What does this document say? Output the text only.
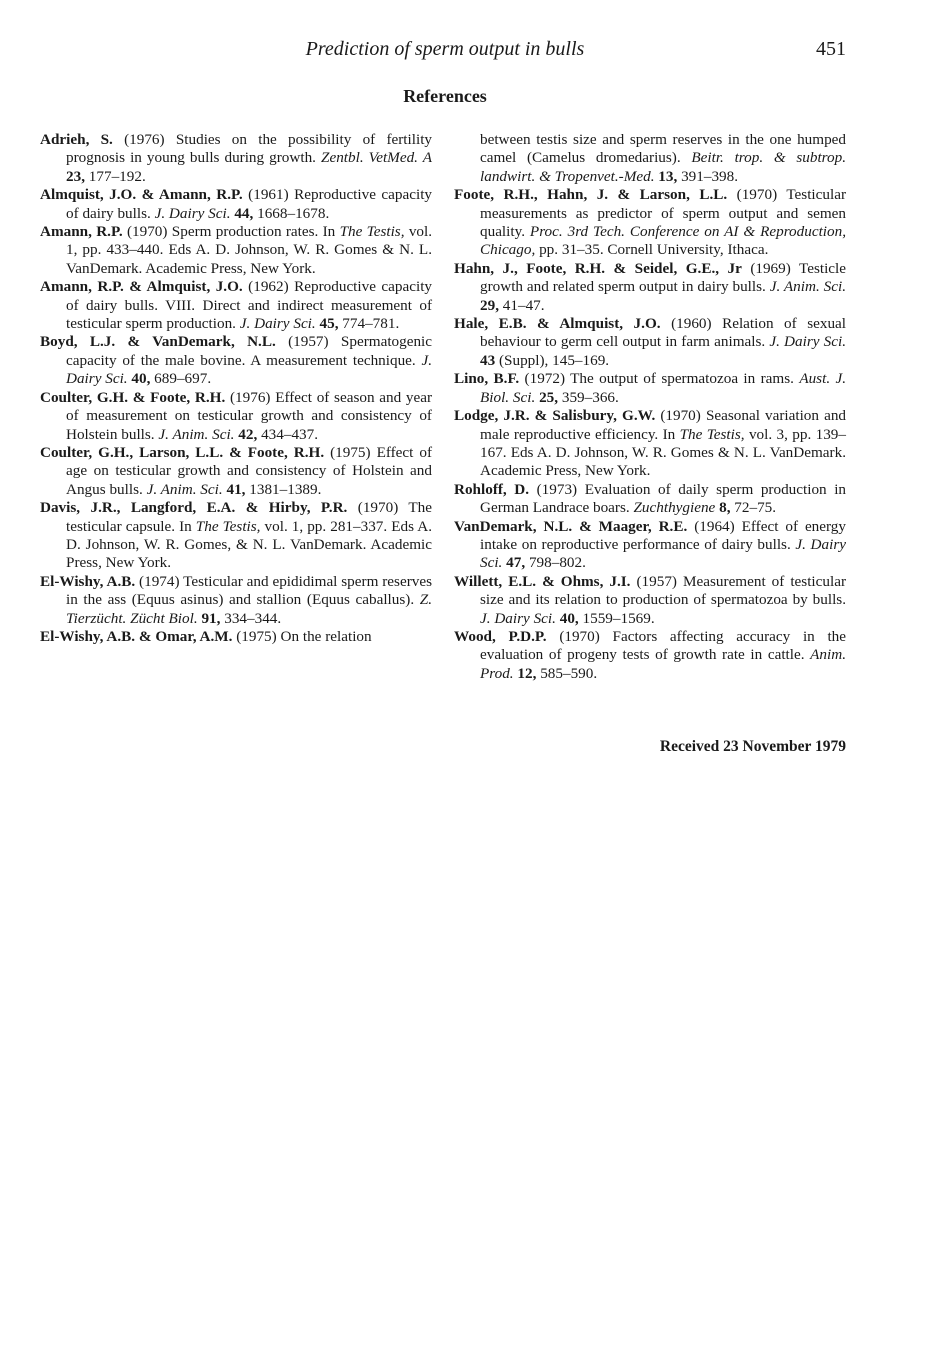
Prediction of sperm output in bulls	451
References

Adrieh, S. (1976) Studies on the possibility of fertility prognosis in young bulls during growth. Zentbl. VetMed. A 23, 177–192.

Almquist, J.O. & Amann, R.P. (1961) Reproductive capacity of dairy bulls. J. Dairy Sci. 44, 1668–1678.

Amann, R.P. (1970) Sperm production rates. In The Testis, vol. 1, pp. 433–440. Eds A. D. Johnson, W. R. Gomes & N. L. VanDemark. Academic Press, New York.

Amann, R.P. & Almquist, J.O. (1962) Reproductive capacity of dairy bulls. VIII. Direct and indirect measurement of testicular sperm production. J. Dairy Sci. 45, 774–781.

Boyd, L.J. & VanDemark, N.L. (1957) Spermatogenic capacity of the male bovine. A measurement technique. J. Dairy Sci. 40, 689–697.

Coulter, G.H. & Foote, R.H. (1976) Effect of season and year of measurement on testicular growth and consistency of Holstein bulls. J. Anim. Sci. 42, 434–437.

Coulter, G.H., Larson, L.L. & Foote, R.H. (1975) Effect of age on testicular growth and consistency of Holstein and Angus bulls. J. Anim. Sci. 41, 1381–1389.

Davis, J.R., Langford, E.A. & Hirby, P.R. (1970) The testicular capsule. In The Testis, vol. 1, pp. 281–337. Eds A. D. Johnson, W. R. Gomes, & N. L. VanDemark. Academic Press, New York.

El-Wishy, A.B. (1974) Testicular and epididimal sperm reserves in the ass (Equus asinus) and stallion (Equus caballus). Z. Tierzücht. Zücht Biol. 91, 334–344.

El-Wishy, A.B. & Omar, A.M. (1975) On the relation

between testis size and sperm reserves in the one humped camel (Camelus dromedarius). Beitr. trop. & subtrop. landwirt. & Tropenvet.-Med. 13, 391–398.

Foote, R.H., Hahn, J. & Larson, L.L. (1970) Testicular measurements as predictor of sperm output and semen quality. Proc. 3rd Tech. Conference on AI & Reproduction, Chicago, pp. 31–35. Cornell University, Ithaca.

Hahn, J., Foote, R.H. & Seidel, G.E., Jr (1969) Testicle growth and related sperm output in dairy bulls. J. Anim. Sci. 29, 41–47.

Hale, E.B. & Almquist, J.O. (1960) Relation of sexual behaviour to germ cell output in farm animals. J. Dairy Sci. 43 (Suppl), 145–169.

Lino, B.F. (1972) The output of spermatozoa in rams. Aust. J. Biol. Sci. 25, 359–366.

Lodge, J.R. & Salisbury, G.W. (1970) Seasonal variation and male reproductive efficiency. In The Testis, vol. 3, pp. 139–167. Eds A. D. Johnson, W. R. Gomes & N. L. VanDemark. Academic Press, New York.

Rohloff, D. (1973) Evaluation of daily sperm production in German Landrace boars. Zuchthygiene 8, 72–75.

VanDemark, N.L. & Maager, R.E. (1964) Effect of energy intake on reproductive performance of dairy bulls. J. Dairy Sci. 47, 798–802.

Willett, E.L. & Ohms, J.I. (1957) Measurement of testicular size and its relation to production of spermatozoa by bulls. J. Dairy Sci. 40, 1559–1569.

Wood, P.D.P. (1970) Factors affecting accuracy in the evaluation of progeny tests of growth rate in cattle. Anim. Prod. 12, 585–590.

Received 23 November 1979
